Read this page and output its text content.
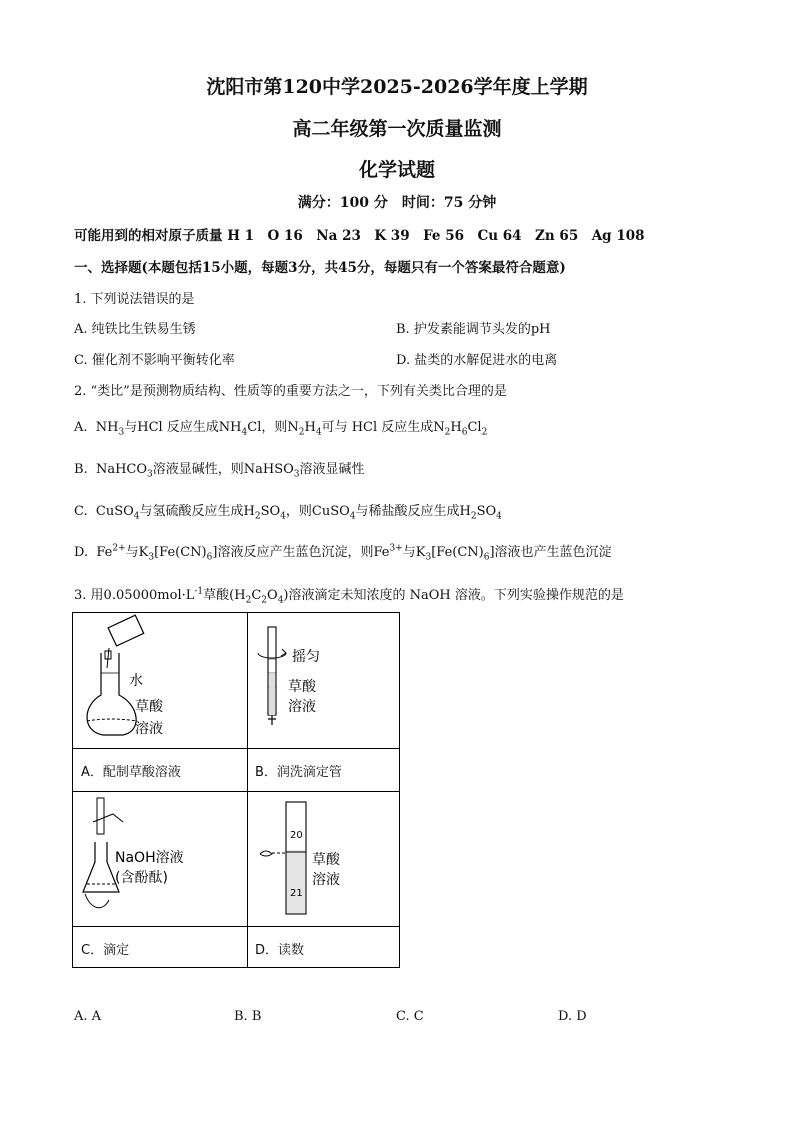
沈阳市第120中学2025-2026学年度上学期
高二年级第一次质量监测
化学试题
满分：100 分　时间：75 分钟
可能用到的相对原子质量 H 1　O 16　Na 23　K 39　Fe 56　Cu 64　Zn 65　Ag 108
一、选择题(本题包括15小题，每题3分，共45分，每题只有一个答案最符合题意)
1. 下列说法错误的是
A. 纯铁比生铁易生锈	B. 护发素能调节头发的pH
C. 催化剂不影响平衡转化率	D. 盐类的水解促进水的电离
2. “类比”是预测物质结构、性质等的重要方法之一，下列有关类比合理的是
A.  $NH_3$与HCl 反应生成$NH_4Cl$，则$N_2H_4$可与 HCl 反应生成$N_2H_6Cl_2$
B.  NaHCO$_3$溶液显碱性，则NaHSO$_3$溶液显碱性
C.  CuSO$_4$与氢硫酸反应生成$H_2SO_4$，则CuSO$_4$与稀盐酸反应生成$H_2SO_4$
D.  $Fe^{2+}$与$K_3[Fe(CN)_6]$溶液反应产生蓝色沉淀，则$Fe^{3+}$与$K_3[Fe(CN)_6]$溶液也产生蓝色沉淀
3. 用$0.05000mol\cdot L^{-1}$草酸$(H_2C_2O_4)$溶液滴定未知浓度的 NaOH 溶液。下列实验操作规范的是
水
草酸
溶液
摇匀
草酸
溶液
A．配制草酸溶液	B．润洗滴定管
NaOH溶液
(含酚酞)
20
21
草酸
溶液
C．滴定	D．读数
A. A	B. B	C. C	D. D
